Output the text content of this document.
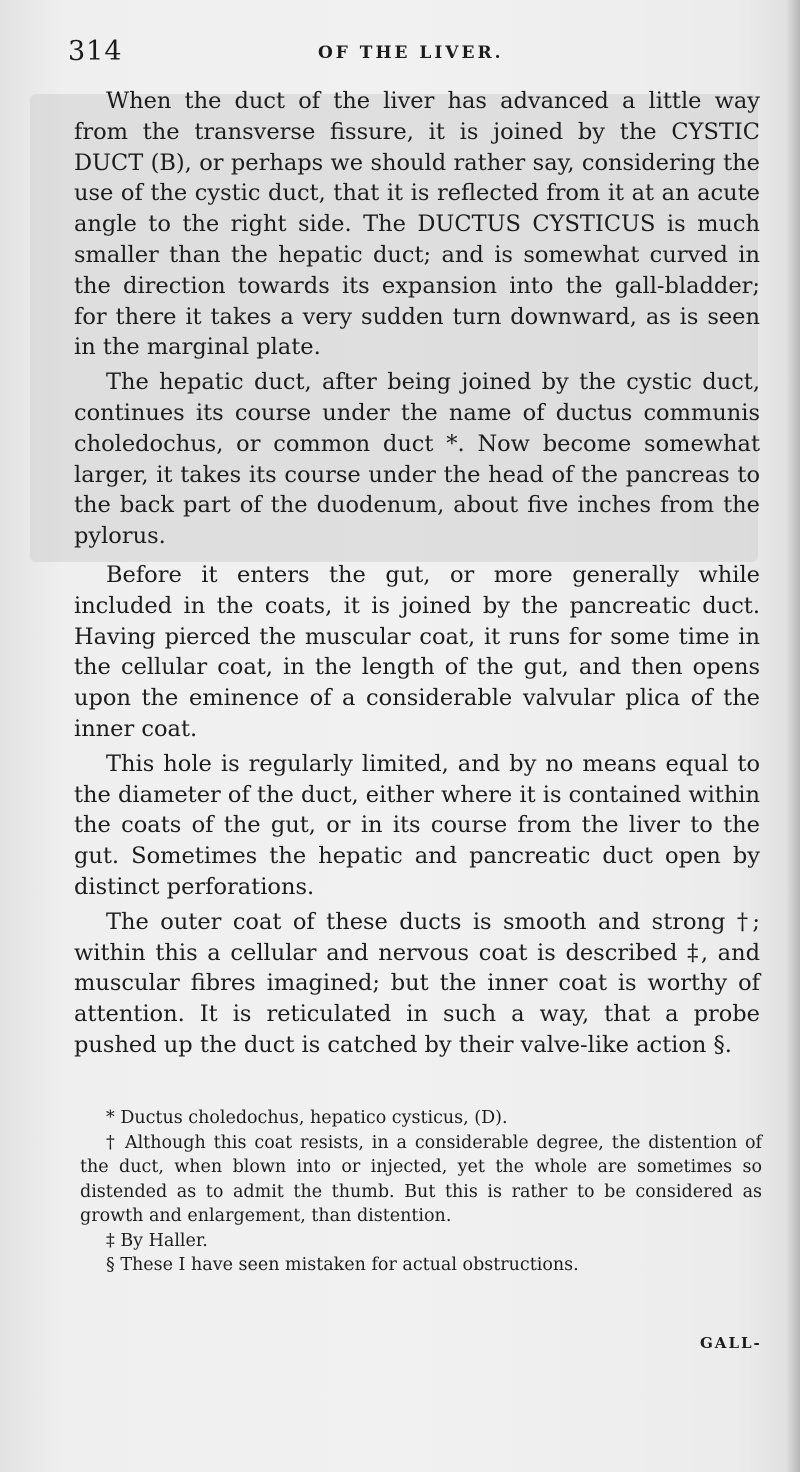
314	OF THE LIVER.

When the duct of the liver has advanced a little way from the transverse fissure, it is joined by the CYSTIC DUCT (B), or perhaps we should rather say, considering the use of the cystic duct, that it is reflected from it at an acute angle to the right side. The DUCTUS CYSTICUS is much smaller than the hepatic duct; and is somewhat curved in the direction towards its expansion into the gall-bladder; for there it takes a very sudden turn downward, as is seen in the marginal plate.

The hepatic duct, after being joined by the cystic duct, continues its course under the name of ductus communis choledochus, or common duct *. Now become somewhat larger, it takes its course under the head of the pancreas to the back part of the duodenum, about five inches from the pylorus.

Before it enters the gut, or more generally while included in the coats, it is joined by the pancreatic duct. Having pierced the muscular coat, it runs for some time in the cellular coat, in the length of the gut, and then opens upon the eminence of a considerable valvular plica of the inner coat.

This hole is regularly limited, and by no means equal to the diameter of the duct, either where it is contained within the coats of the gut, or in its course from the liver to the gut. Sometimes the hepatic and pancreatic duct open by distinct perforations.

The outer coat of these ducts is smooth and strong †; within this a cellular and nervous coat is described ‡, and muscular fibres imagined; but the inner coat is worthy of attention. It is reticulated in such a way, that a probe pushed up the duct is catched by their valve-like action §.

* Ductus choledochus, hepatico cysticus, (D).

† Although this coat resists, in a considerable degree, the distention of the duct, when blown into or injected, yet the whole are sometimes so distended as to admit the thumb. But this is rather to be considered as growth and enlargement, than distention.

‡ By Haller.

§ These I have seen mistaken for actual obstructions.

GALL-
